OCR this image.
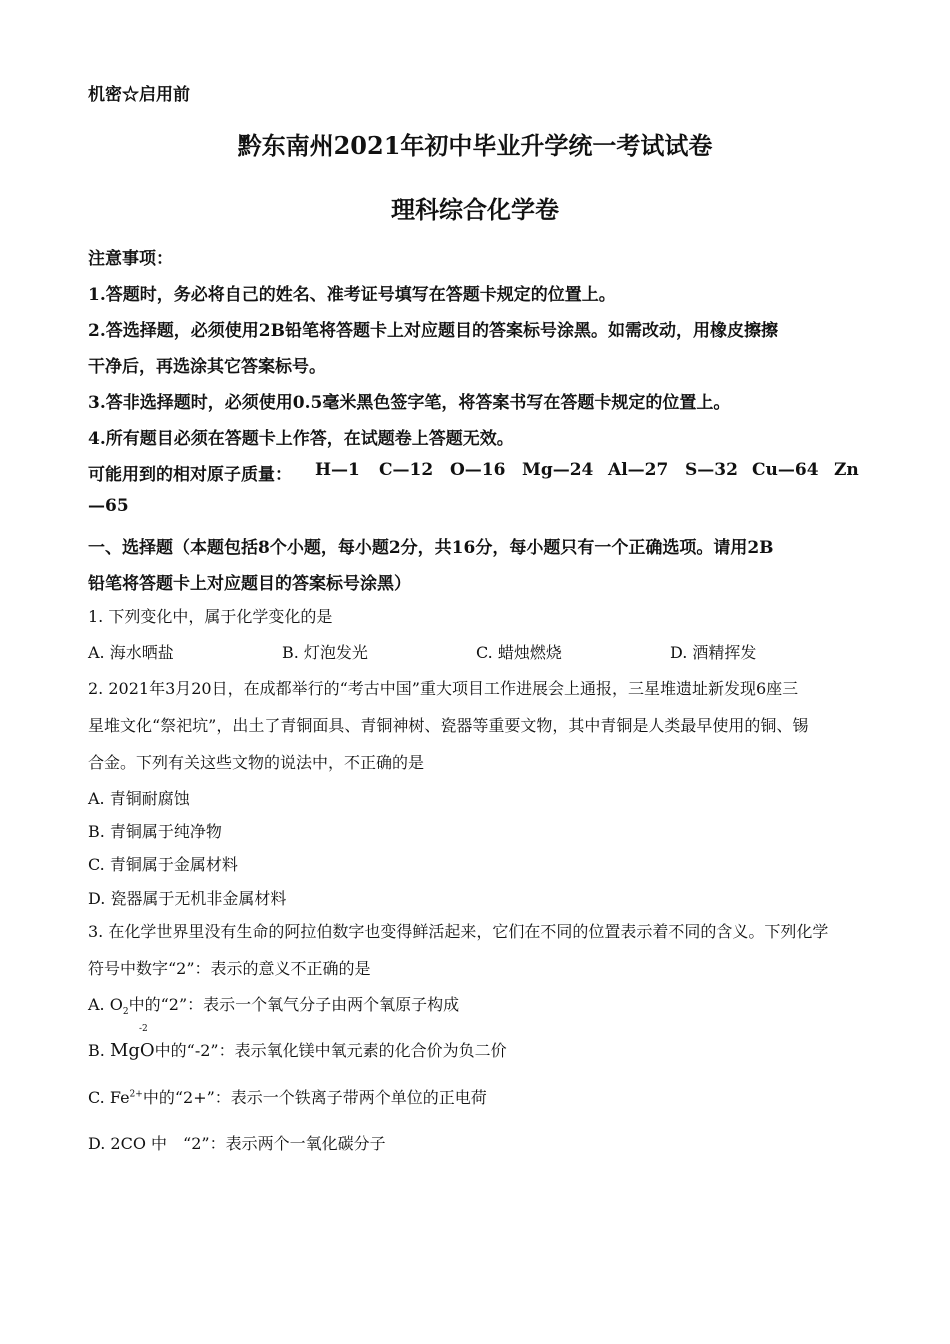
机密☆启用前
黔东南州2021年初中毕业升学统一考试试卷
理科综合化学卷
注意事项：
1.答题时，务必将自己的姓名、准考证号填写在答题卡规定的位置上。
2.答选择题，必须使用2B铅笔将答题卡上对应题目的答案标号涂黑。如需改动，用橡皮擦擦
干净后，再选涂其它答案标号。
3.答非选择题时，必须使用0.5毫米黑色签字笔，将答案书写在答题卡规定的位置上。
4.所有题目必须在答题卡上作答，在试题卷上答题无效。
可能用到的相对原子质量： H—1 C—12 O—16 Mg—24 Al—27 S—32 Cu—64 Zn
—65
一、选择题（本题包括8个小题，每小题2分，共16分，每小题只有一个正确选项。请用2B
铅笔将答题卡上对应题目的答案标号涂黑）
1. 下列变化中，属于化学变化的是
A. 海水晒盐	B. 灯泡发光	C. 蜡烛燃烧	D. 酒精挥发
2. 2021年3月20日，在成都举行的“考古中国”重大项目工作进展会上通报，三星堆遗址新发现6座三
星堆文化“祭祀坑”，出土了青铜面具、青铜神树、瓷器等重要文物，其中青铜是人类最早使用的铜、锡
合金。下列有关这些文物的说法中，不正确的是
A. 青铜耐腐蚀
B. 青铜属于纯净物
C. 青铜属于金属材料
D. 瓷器属于无机非金属材料
3. 在化学世界里没有生命的阿拉伯数字也变得鲜活起来，它们在不同的位置表示着不同的含义。下列化学
符号中数字“2”：表示的意义不正确的是
A. $O_2$中的“2”：表示一个氧气分子由两个氧原子构成
B.
-2
MgO中的“-2”：表示氧化镁中氧元素的化合价为负二价
C. $Fe^{2+}$中的“2+”：表示一个铁离子带两个单位的正电荷
D. 2CO 中　“2”：表示两个一氧化碳分子
